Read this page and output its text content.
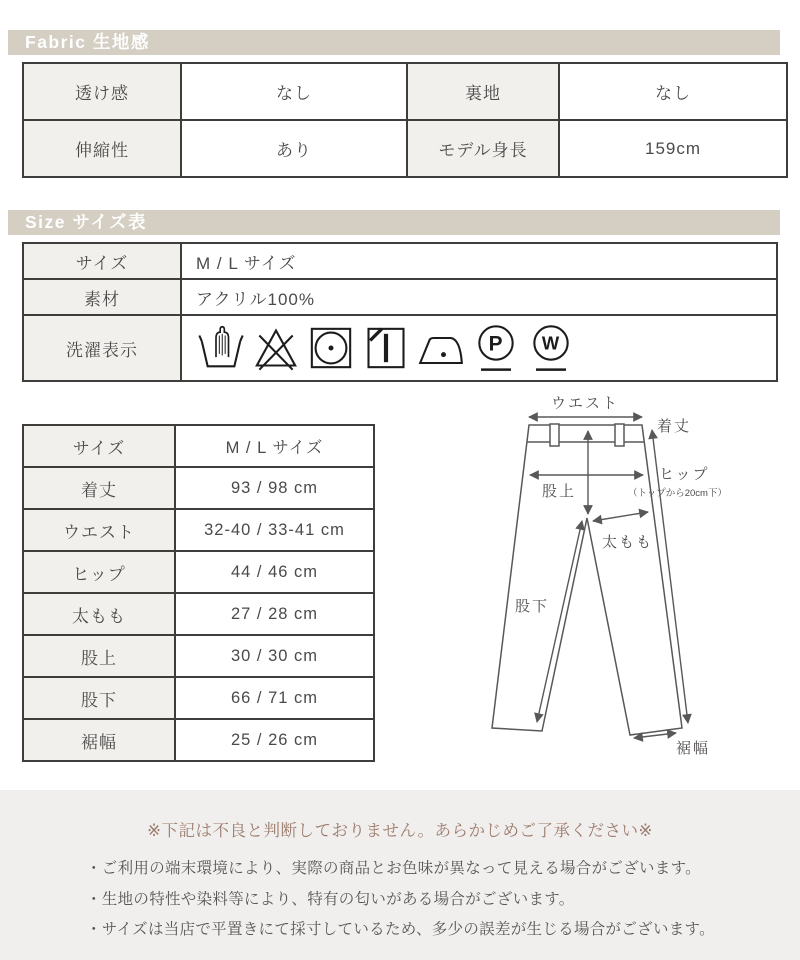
Fabric 生地感
透け感	なし	裏地	なし
伸縮性	あり	モデル身長	159cm
Size サイズ表
サイズ	M / L サイズ
素材	アクリル100%
洗濯表示	P W
サイズ	M / L サイズ
着丈	93 / 98 cm
ウエスト	32-40 / 33-41 cm
ヒップ	44 / 46 cm
太もも	27 / 28 cm
股上	30 / 30 cm
股下	66 / 71 cm
裾幅	25 / 26 cm
ウエスト
着丈
ヒップ
（トップから20cm下）
股上
太もも
股下
裾幅
※下記は不良と判断しておりません。あらかじめご了承ください※
・ご利用の端末環境により、実際の商品とお色味が異なって見える場合がございます。
・生地の特性や染料等により、特有の匂いがある場合がございます。
・サイズは当店で平置きにて採寸しているため、多少の誤差が生じる場合がございます。
